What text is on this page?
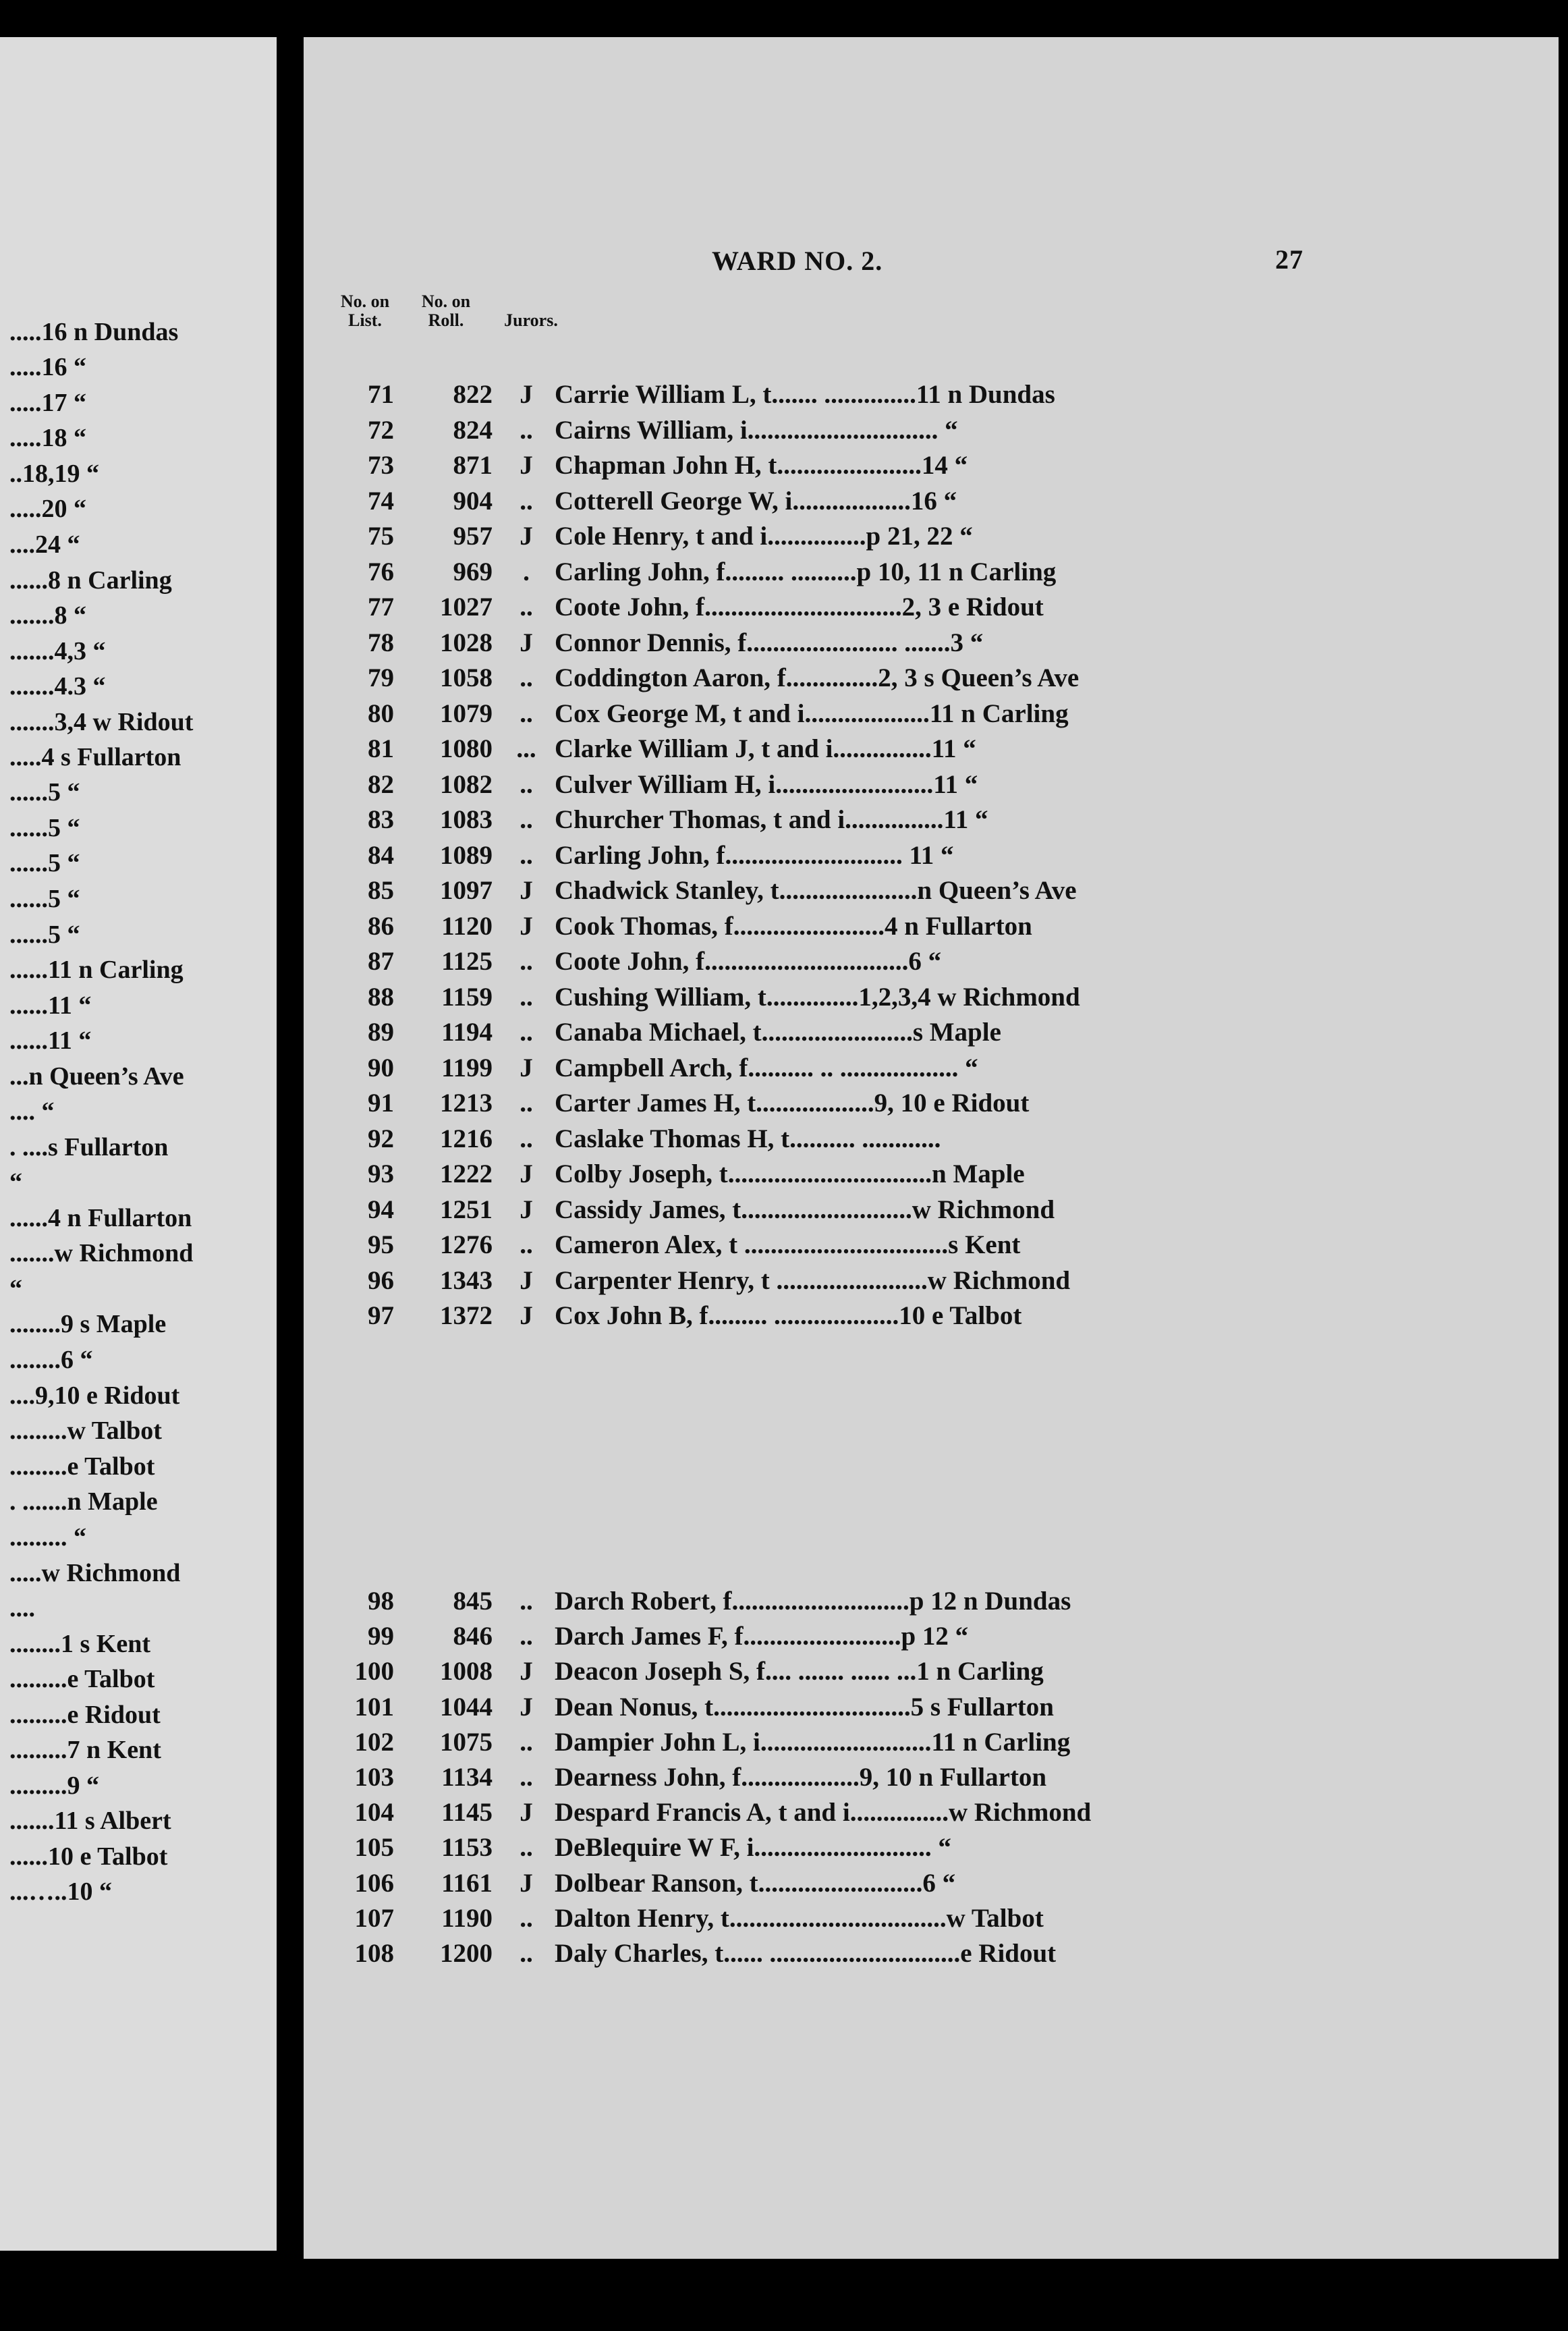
.....16 n Dundas
.....16 “
.....17 “
.....18 “
..18,19 “
.....20 “
....24 “
......8 n Carling
.......8 “
.......4,3 “
.......4.3 “
.......3,4 w Ridout
.....4 s Fullarton
......5 “
......5 “
......5 “
......5 “
......5 “
......11 n Carling
......11 “
......11 “
...n Queen’s Ave
.... “
. ....s Fullarton
“
......4 n Fullarton
.......w Richmond
“
........9 s Maple
........6 “
....9,10 e Ridout
.........w Talbot
.........e Talbot
. .......n Maple
......... “
.....w Richmond
....
........1 s Kent
.........e Talbot
.........e Ridout
.........7 n Kent
.........9 “
.......11 s Albert
......10 e Talbot
...…..10 “
WARD NO. 2.	27
No. on
List.
No. on
Roll.	Jurors.
71	822	J Carrie William L, t....... ..............11 n Dundas
72	824	.. Cairns William, i............................. “
73	871	J Chapman John H, t......................14 “
74	904	.. Cotterell George W, i..................16 “
75	957	J Cole Henry, t and i...............p 21, 22 “
76	969	. Carling John, f......... ..........p 10, 11 n Carling
77	1027	.. Coote John, f..............................2, 3 e Ridout
78	1028	J Connor Dennis, f....................... .......3 “
79	1058	.. Coddington Aaron, f..............2, 3 s Queen’s Ave
80	1079	.. Cox George M, t and i...................11 n Carling
81	1080 ... Clarke William J, t and i...............11 “
82	1082	.. Culver William H, i........................11 “
83	1083	.. Churcher Thomas, t and i...............11 “
84	1089	.. Carling John, f........................... 11 “
85	1097	J Chadwick Stanley, t.....................n Queen’s Ave
86	1120	J Cook Thomas, f.......................4 n Fullarton
87	1125	.. Coote John, f...............................6 “
88	1159	.. Cushing William, t..............1,2,3,4 w Richmond
89	1194	.. Canaba Michael, t.......................s Maple
90	1199	J Campbell Arch, f.......... .. .................. “
91	1213	.. Carter James H, t..................9, 10 e Ridout
92	1216	.. Caslake Thomas H, t.......... ............
93	1222	J Colby Joseph, t...............................n Maple
94	1251	J Cassidy James, t..........................w Richmond
95	1276	.. Cameron Alex, t ...............................s Kent
96	1343	J Carpenter Henry, t .......................w Richmond
97	1372	J Cox John B, f......... ...................10 e Talbot
98	845	.. Darch Robert, f...........................p 12 n Dundas
99	846	.. Darch James F, f........................p 12 “
100	1008	J Deacon Joseph S, f.... ....... ...... ...1 n Carling
101	1044	J Dean Nonus, t..............................5 s Fullarton
102	1075	.. Dampier John L, i..........................11 n Carling
103	1134	.. Dearness John, f..................9, 10 n Fullarton
104	1145	J Despard Francis A, t and i...............w Richmond
105	1153	.. DeBlequire W F, i........................... “
106	1161	J Dolbear Ranson, t.........................6 “
107	1190	.. Dalton Henry, t.................................w Talbot
108	1200	.. Daly Charles, t...... .............................e Ridout
